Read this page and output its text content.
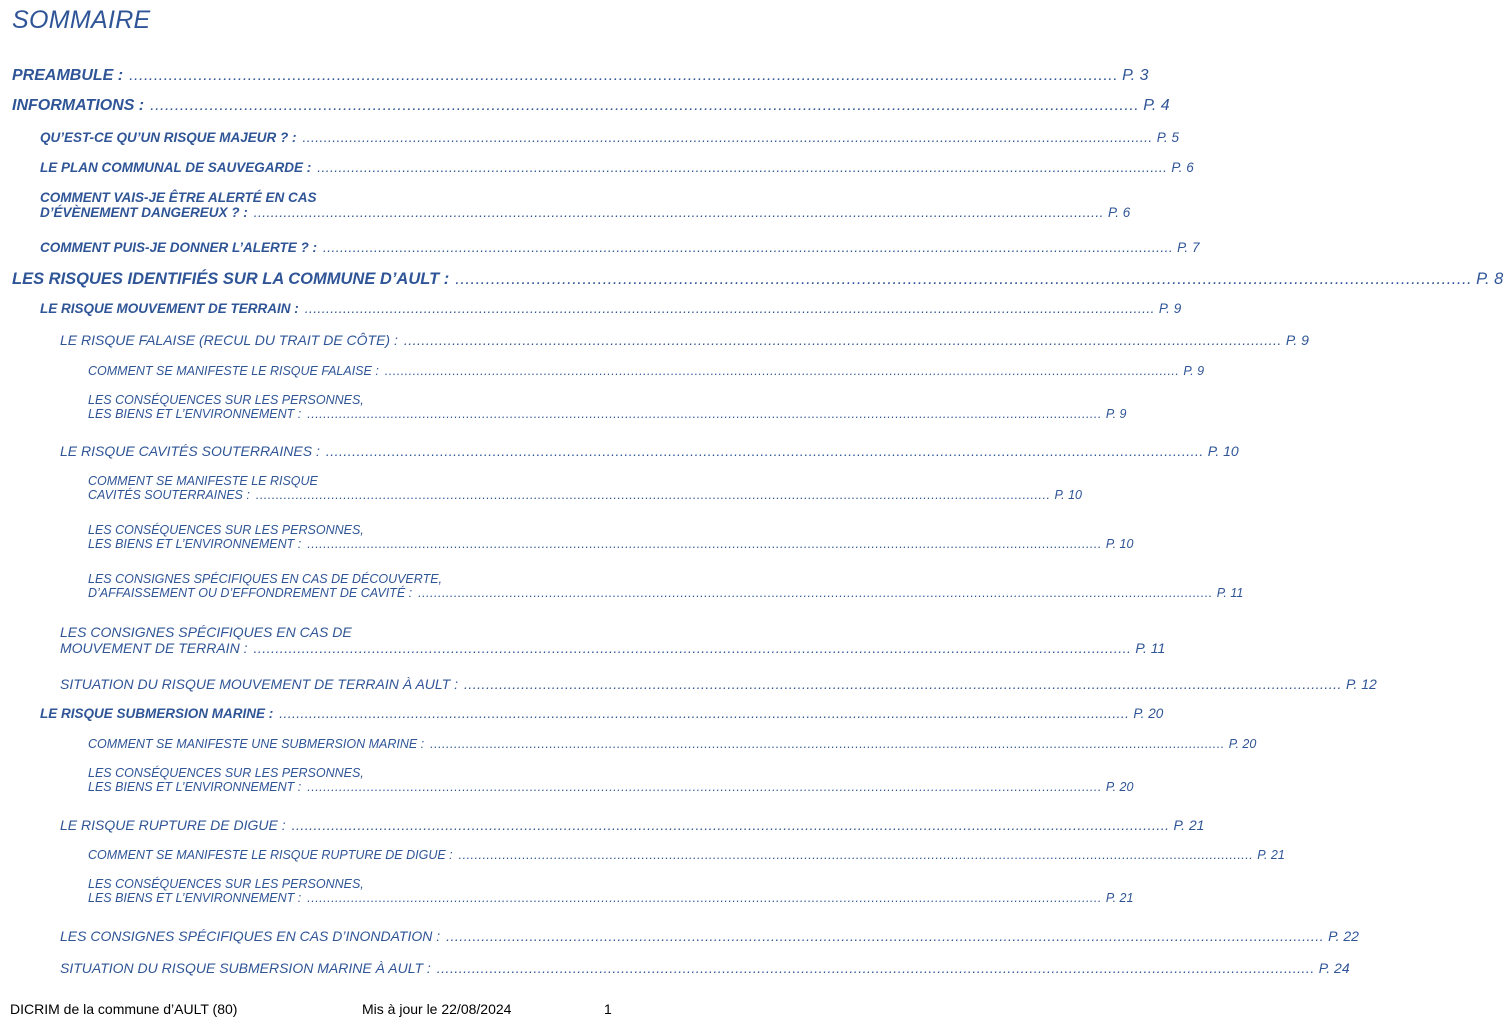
SOMMAIRE
PREAMBULE : ........................................................................................................................................................................................................ P. 3
INFORMATIONS : ........................................................................................................................................................................................................ P. 4
QU’EST-CE QU’UN RISQUE MAJEUR ? : ........................................................................................................................................................................................................ P. 5
LE PLAN COMMUNAL DE SAUVEGARDE : ........................................................................................................................................................................................................ P. 6
COMMENT VAIS-JE ÊTRE ALERTÉ EN CAS
D’ÉVÈNEMENT DANGEREUX ? : ........................................................................................................................................................................................................ P. 6
COMMENT PUIS-JE DONNER L’ALERTE ? : ........................................................................................................................................................................................................ P. 7
LES RISQUES IDENTIFIÉS SUR LA COMMUNE D’AULT : ........................................................................................................................................................................................................ P. 8
LE RISQUE MOUVEMENT DE TERRAIN : ........................................................................................................................................................................................................ P. 9
LE RISQUE FALAISE (RECUL DU TRAIT DE CÔTE) : ........................................................................................................................................................................................................ P. 9
COMMENT SE MANIFESTE LE RISQUE FALAISE : ........................................................................................................................................................................................................ P. 9
LES CONSÉQUENCES SUR LES PERSONNES,
LES BIENS ET L’ENVIRONNEMENT : ........................................................................................................................................................................................................ P. 9
LE RISQUE CAVITÉS SOUTERRAINES : ........................................................................................................................................................................................................ P. 10
COMMENT SE MANIFESTE LE RISQUE
CAVITÉS SOUTERRAINES : ........................................................................................................................................................................................................ P. 10
LES CONSÉQUENCES SUR LES PERSONNES,
LES BIENS ET L’ENVIRONNEMENT : ........................................................................................................................................................................................................ P. 10
LES CONSIGNES SPÉCIFIQUES EN CAS DE DÉCOUVERTE,
D’AFFAISSEMENT OU D’EFFONDREMENT DE CAVITÉ : ........................................................................................................................................................................................................ P. 11
LES CONSIGNES SPÉCIFIQUES EN CAS DE
MOUVEMENT DE TERRAIN : ........................................................................................................................................................................................................ P. 11
SITUATION DU RISQUE MOUVEMENT DE TERRAIN À AULT : ........................................................................................................................................................................................................ P. 12
LE RISQUE SUBMERSION MARINE : ........................................................................................................................................................................................................ P. 20
COMMENT SE MANIFESTE UNE SUBMERSION MARINE : ........................................................................................................................................................................................................ P. 20
LES CONSÉQUENCES SUR LES PERSONNES,
LES BIENS ET L’ENVIRONNEMENT : ........................................................................................................................................................................................................ P. 20
LE RISQUE RUPTURE DE DIGUE : ........................................................................................................................................................................................................ P. 21
COMMENT SE MANIFESTE LE RISQUE RUPTURE DE DIGUE : ........................................................................................................................................................................................................ P. 21
LES CONSÉQUENCES SUR LES PERSONNES,
LES BIENS ET L’ENVIRONNEMENT : ........................................................................................................................................................................................................ P. 21
LES CONSIGNES SPÉCIFIQUES EN CAS D’INONDATION : ........................................................................................................................................................................................................ P. 22
SITUATION DU RISQUE SUBMERSION MARINE À AULT : ........................................................................................................................................................................................................ P. 24
DICRIM de la commune d’AULT (80)	Mis à jour le 22/08/2024	1
